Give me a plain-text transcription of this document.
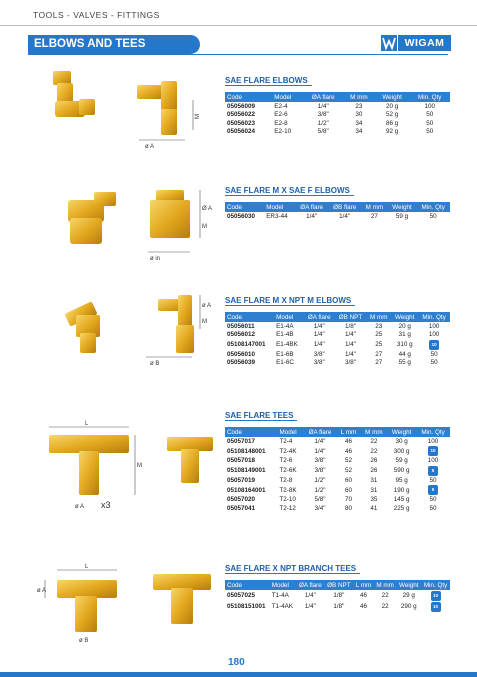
TOOLS - VALVES - FITTINGS
ELBOWS AND TEES	WIGAM
ø A
M
SAE FLARE ELBOWS
Code	Model	ØA flare	M mm	Weight	Min. Qty
05056009	E2-4	1/4"	23	20 g	100
05056022	E2-6	3/8"	30	52 g	50
05056023	E2-8	1/2"	34	86 g	50
05056024	E2-10	5/8"	34	92 g	50
ø in
Ø A
M
SAE FLARE M X SAE F ELBOWS
Code	Model	ØA flare	ØB flare	M mm	Weight	Min. Qty
05056030	ER3-44	1/4"	1/4"	27	59 g	50
ø B
ø A
M
SAE FLARE M X NPT M ELBOWS
Code	Model	ØA flare	ØB NPT	M mm	Weight	Min. Qty
05056011	E1-4A	1/4"	1/8"	23	20 g	100
05056012	E1-4B	1/4"	1/4"	25	31 g	100
05108147001	E1-4BK	1/4"	1/4"	25	310 g	10
05056010	E1-6B	3/8"	1/4"	27	44 g	50
05056039	E1-6C	3/8"	3/8"	27	55 g	50
L
M
ø A x3
SAE FLARE TEES
Code	Model	ØA flare	L mm	M mm	Weight	Min. Qty
05057017	T2-4	1/4"	46	22	30 g	100
05108148001	T2-4K	1/4"	46	22	300 g	10
05057018	T2-6	3/8"	52	26	59 g	100
05108149001	T2-6K	3/8"	52	26	590 g	5
05057019	T2-8	1/2"	60	31	95 g	50
05108164001	T2-8K	1/2"	60	31	190 g	5
05057020	T2-10	5/8"	70	35	145 g	50
05057041	T2-12	3/4"	80	41	225 g	50
L
ø A
ø B
SAE FLARE X NPT BRANCH TEES
Code	Model	ØA flare	ØB NPT	L mm	M mm	Weight	Min. Qty
05057025	T1-4A	1/4"	1/8"	46	22	29 g	10
05108151001	T1-4AK	1/4"	1/8"	46	22	290 g	10
180
